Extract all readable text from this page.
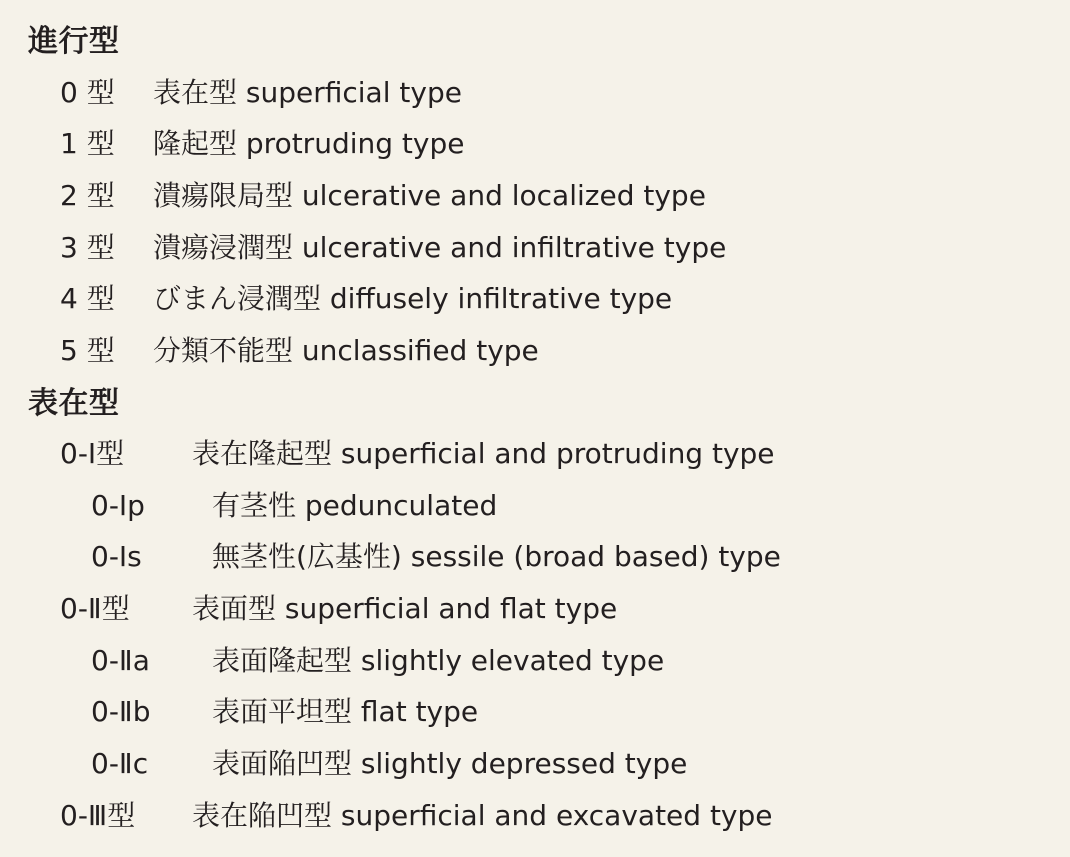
進行型
0 型	表在型 superficial type
1 型	隆起型 protruding type
2 型	潰瘍限局型 ulcerative and localized type
3 型	潰瘍浸潤型 ulcerative and infiltrative type
4 型	びまん浸潤型 diffusely infiltrative type
5 型	分類不能型 unclassified type
表在型
0-Ⅰ型	表在隆起型 superficial and protruding type
0-Ⅰp	有茎性 pedunculated
0-Ⅰs	無茎性(広基性) sessile (broad based) type
0-Ⅱ型	表面型 superficial and flat type
0-Ⅱa	表面隆起型 slightly elevated type
0-Ⅱb	表面平坦型 flat type
0-Ⅱc	表面陥凹型 slightly depressed type
0-Ⅲ型	表在陥凹型 superficial and excavated type
